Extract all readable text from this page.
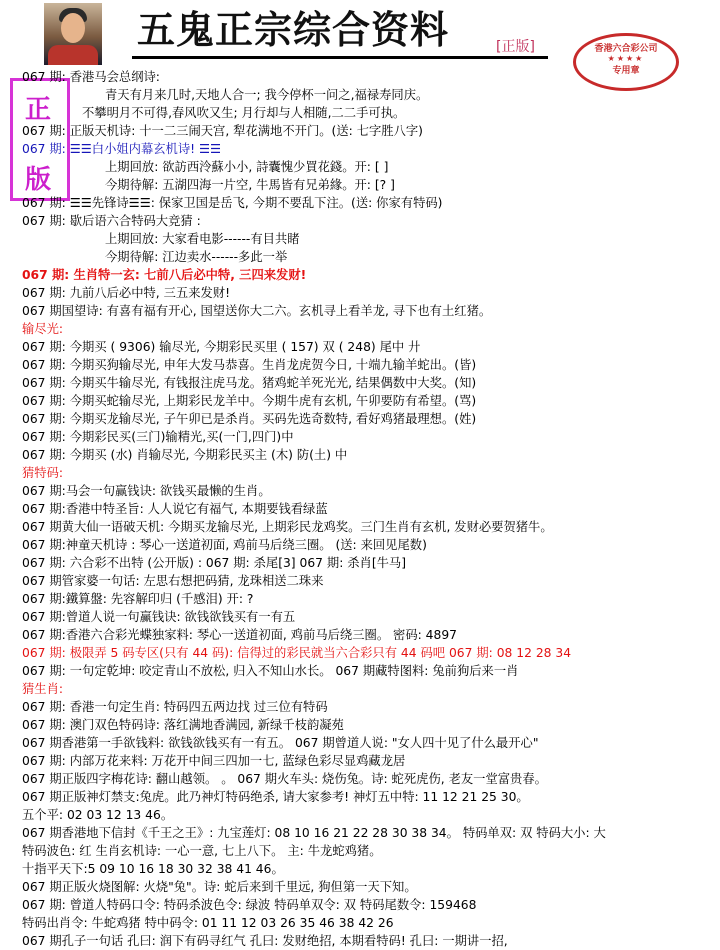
五鬼正宗综合资料	[正版]	香港六合彩公司
★★★★
专用章
正
版
067 期: 香港马会总纲诗:
青天有月来几时,天地人合一; 我今停杯一问之,福禄寿同庆。
不攀明月不可得,春风吹又生; 月行却与人相随,二二手可执。
067 期: 正版天机诗: 十一二三闹天宫, 犁花满地不开门。(送: 七字胜八字)
067 期: ☰☰白小姐内幕玄机诗! ☰☰
上期回放: 欲訪西泠蘇小小, 詩囊愧少買花錢。开: [ ]
今期待解: 五湖四海一片空, 牛馬皆有兄弟緣。开: [? ]
067 期: ☰☰先锋诗☰☰: 保家卫国是岳飞, 今期不要乱下注。(送: 你家有特码)
067 期: 歇后语六合特码大竞猜 :
上期回放: 大家看电影------有目共睹
今期待解: 江边卖水------多此一举
067 期: 生肖特一玄: 七前八后必中特, 三四来发财!
067 期: 九前八后必中特, 三五来发财!
067 期国望诗: 有喜有福有开心, 国望送你大二六。玄机寻上看羊龙, 寻下也有土红猪。
输尽光:
067 期: 今期买 ( 9306) 输尽光, 今期彩民买里 ( 157) 双 ( 248) 尾中 廾
067 期: 今期买狗输尽光, 申年大发马恭喜。生肖龙虎贺今日, 十端九输羊蛇出。(皆)
067 期: 今期买牛输尽光, 有钱报注虎马龙。猪鸡蛇羊死光光, 结果偶数中大奖。(知)
067 期: 今期买蛇输尽光, 上期彩民龙羊中。今期牛虎有玄机, 午卯要防有希望。(骂)
067 期: 今期买龙输尽光, 子午卯已是杀肖。买码先选奇数特, 看好鸡猪最理想。(姓)
067 期: 今期彩民买(三门)输精光,买(一门,四门)中
067 期: 今期买 (水) 肖输尽光, 今期彩民买主 (木) 防(土) 中
猜特码:
067 期:马会一句赢钱诀: 欲钱买最懒的生肖。
067 期:香港中特圣旨: 人人说它有福气, 本期要钱看绿蓝
067 期黄大仙一语破天机: 今期买龙输尽光, 上期彩民龙鸡奖。三门生肖有玄机, 发财必要贺猪牛。
067 期:神童天机诗 : 琴心一送道初面, 鸡前马后绕三圈。 (送: 来回见尾数)
067 期: 六合彩不出特 (公开版) : 067 期: 杀尾[3] 067 期: 杀肖[牛马]
067 期管家婆一句话: 左思右想把码猜, 龙珠相送二珠来
067 期:鐵算盤: 先容解印归 (千感泪) 开: ?
067 期:曾道人说一句赢钱诀: 欲钱欲钱买有一有五
067 期:香港六合彩光蝶独家料: 琴心一送道初面, 鸡前马后绕三圈。 密码: 4897
067 期: 极限弄 5 码专区(只有 44 码): 信得过的彩民就当六合彩只有 44 码吧 067 期: 08 12 28 34
067 期: 一句定乾坤: 咬定青山不放松, 归入不知山水长。 067 期藏特图料: 兔前狗后来一肖
猜生肖:
067 期: 香港一句定生肖: 特码四五两边找 过三位有特码
067 期: 澳门双色特码诗: 落红满地香满园, 新绿千枝韵凝苑
067 期香港第一手欲钱料: 欲钱欲钱买有一有五。 067 期曾道人说: "女人四十见了什么最开心"
067 期: 内部万花来料: 万花开中间三四加一七, 蓝绿色彩尽显鸡藏龙居
067 期正版四字梅花诗: 翻山越领。 。 067 期火车头: 烧伤兔。诗: 蛇死虎伤, 老友一堂富贵春。
067 期正版神灯禁支:兔虎。此乃神灯特码绝杀, 请大家参考! 神灯五中特: 11 12 21 25 30。
五个平: 02 03 12 13 46。
067 期香港地下信封《千王之王》: 九宝莲灯: 08 10 16 21 22 28 30 38 34。 特码单双: 双 特码大小: 大
特码波色: 红 生肖玄机诗: 一心一意, 七上八下。 主: 牛龙蛇鸡猪。
十指平天下:5 09 10 16 18 30 32 38 41 46。
067 期正版火烧图解: 火烧"兔"。诗: 蛇后来到千里远, 狗但第一天下知。
067 期: 曾道人特码口令: 特码杀波色令: 绿波 特码单双令: 双 特码尾数令: 159468
特码出肖令: 牛蛇鸡猪 特中码令: 01 11 12 03 26 35 46 38 42 26
067 期孔子一句话 孔曰: 润下有码寻红气 孔曰: 发财绝招, 本期看特码! 孔曰: 一期讲一招,
